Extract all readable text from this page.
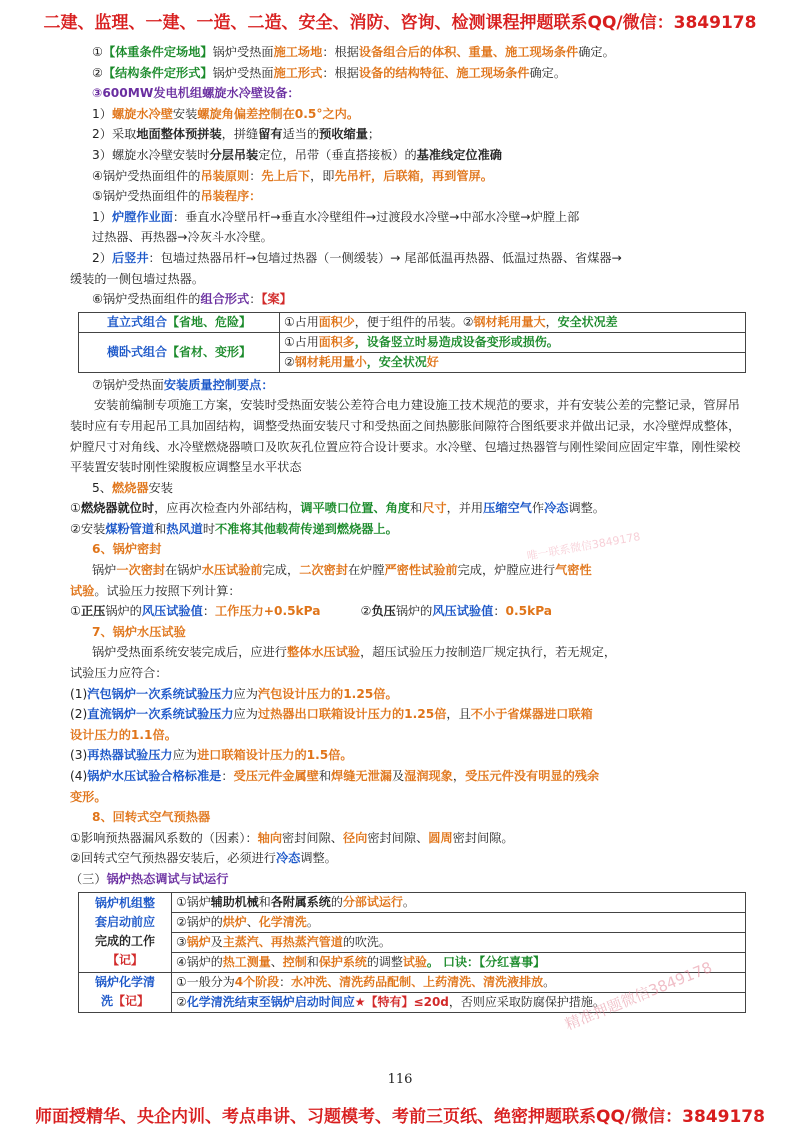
二建、监理、一建、一造、二造、安全、消防、咨询、检测课程押题联系QQ/微信：3849178
①【体重条件定场地】锅炉受热面施工场地：根据设备组合后的体积、重量、施工现场条件确定。
②【结构条件定形式】锅炉受热面施工形式：根据设备的结构特征、施工现场条件确定。
③600MW发电机组螺旋水冷壁设备：
1）螺旋水冷壁安装螺旋角偏差控制在0.5°之内。
2）采取地面整体预拼装，拼缝留有适当的预收缩量；
3）螺旋水冷壁安装时分层吊装定位，吊带（垂直搭接板）的基准线定位准确
④锅炉受热面组件的吊装原则：先上后下，即先吊杆，后联箱，再到管屏。
⑤锅炉受热面组件的吊装程序：
1）炉膛作业面：垂直水冷壁吊杆→垂直水冷壁组件→过渡段水冷壁→中部水冷壁→炉膛上部
过热器、再热器→冷灰斗水冷壁。
2）后竖井：包墙过热器吊杆→包墙过热器（一侧缓装）→ 尾部低温再热器、低温过热器、省煤器→
缓装的一侧包墙过热器。
⑥锅炉受热面组件的组合形式：【案】
直立式组合【省地、危险】	①占用面积少，便于组件的吊装。②钢材耗用量大，安全状况差
横卧式组合【省材、变形】	①占用面积多，设备竖立时易造成设备变形或损伤。
	②钢材耗用量小，安全状况好
⑦锅炉受热面安装质量控制要点：
安装前编制专项施工方案，安装时受热面安装公差符合电力建设施工技术规范的要求，并有安装公差的完整记录，管屏吊装时应有专用起吊工具加固结构，调整受热面安装尺寸和受热面之间热膨胀间隙符合图纸要求并做出记录，水冷壁焊成整体，炉膛尺寸对角线、水冷壁燃烧器喷口及吹灰孔位置应符合设计要求。水冷壁、包墙过热器管与刚性梁间应固定牢靠，刚性梁校平装置安装时刚性梁腹板应调整呈水平状态
5、燃烧器安装
①燃烧器就位时，应再次检查内外部结构，调平喷口位置、角度和尺寸，并用压缩空气作冷态调整。
②安装煤粉管道和热风道时不准将其他载荷传递到燃烧器上。
6、锅炉密封
锅炉一次密封在锅炉水压试验前完成，二次密封在炉膛严密性试验前完成，炉膛应进行气密性
试验。试验压力按照下列计算：
①正压锅炉的风压试验值：工作压力+0.5kPa	②负压锅炉的风压试验值：0.5kPa
7、锅炉水压试验
锅炉受热面系统安装完成后，应进行整体水压试验，超压试验压力按制造厂规定执行，若无规定，
试验压力应符合：
(1)汽包锅炉一次系统试验压力应为汽包设计压力的1.25倍。
(2)直流锅炉一次系统试验压力应为过热器出口联箱设计压力的1.25倍，且不小于省煤器进口联箱
设计压力的1.1倍。
(3)再热器试验压力应为进口联箱设计压力的1.5倍。
(4)锅炉水压试验合格标准是：受压元件金属壁和焊缝无泄漏及湿润现象，受压元件没有明显的残余
变形。
8、回转式空气预热器
①影响预热器漏风系数的（因素）：轴向密封间隙、径向密封间隙、圆周密封间隙。
②回转式空气预热器安装后，必须进行冷态调整。
（三）锅炉热态调试与试运行
锅炉机组整
套启动前应
完成的工作
【记】	①锅炉辅助机械和各附属系统的分部试运行。
	②锅炉的烘炉、化学清洗。
	③锅炉及主蒸汽、再热蒸汽管道的吹洗。
	④锅炉的热工测量、控制和保护系统的调整试验。 口诀：【分红喜事】

锅炉化学清
洗【记】	①一般分为4个阶段：水冲洗、清洗药品配制、上药清洗、清洗液排放。
	②化学清洗结束至锅炉启动时间应★【特有】≤20d，否则应采取防腐保护措施。
唯一联系微信3849178
精准押题微信3849178
116
师面授精华、央企内训、考点串讲、习题模考、考前三页纸、绝密押题联系QQ/微信：3849178
